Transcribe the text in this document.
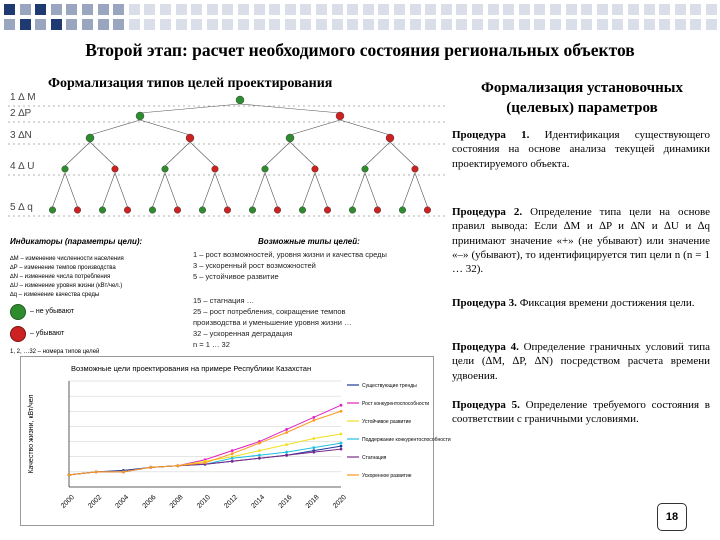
Второй этап: расчет необходимого состояния региональных объектов
Формализация типов целей проектирования	Формализация установочных (целевых) параметров
1 ∆ M
2 ∆P
3 ∆N
4 ∆ U
5 ∆ q
Индикаторы (параметры цели):
∆M – изменение численности населения
∆P – изменение темпов производства
∆N – изменение числа потребления
∆U – изменение уровня жизни (кВт/чел.)
∆q – изменение качества среды
– не убывают
– убывают
1, 2, …32 – номера типов целей
Возможные типы целей:
1 – рост возможностей, уровня жизни и качества среды
3 – ускоренный рост возможностей
5 – устойчивое развитие
15 – стагнация …
25 – рост потребления, сокращение темпов
производства и уменьшение уровня жизни …
32 – ускоренная деградация
n = 1 … 32
Процедура 1. Идентификация существующего состояния на основе анализа текущей динамики проектируемого объекта.
Процедура 2. Определение типа цели на основе правил вывода: Если ∆M и ∆P и ∆N и ∆U и ∆q принимают значение «+» (не убывают) или значение «–» (убывают), то идентифицируется тип цели n (n = 1 … 32).
Процедура 3. Фиксация времени достижения цели.
Процедура 4. Определение граничных условий типа цели (∆M, ∆P, ∆N) посредством расчета времени удвоения.
Процедура 5. Определение требуемого состояния в соответствии с граничными условиями.
Возможные цели проектирования на примере Республики Казахстан
Качество жизни, кВт/чел
2000 2002 2004 2006 2008 2010 2012 2014 2016 2018 2020
Существующие тренды
Рост конкурентоспособности
Устойчивое развитие
Поддержание конкурентоспособности
Стагнация
Ускоренное развитие
18
